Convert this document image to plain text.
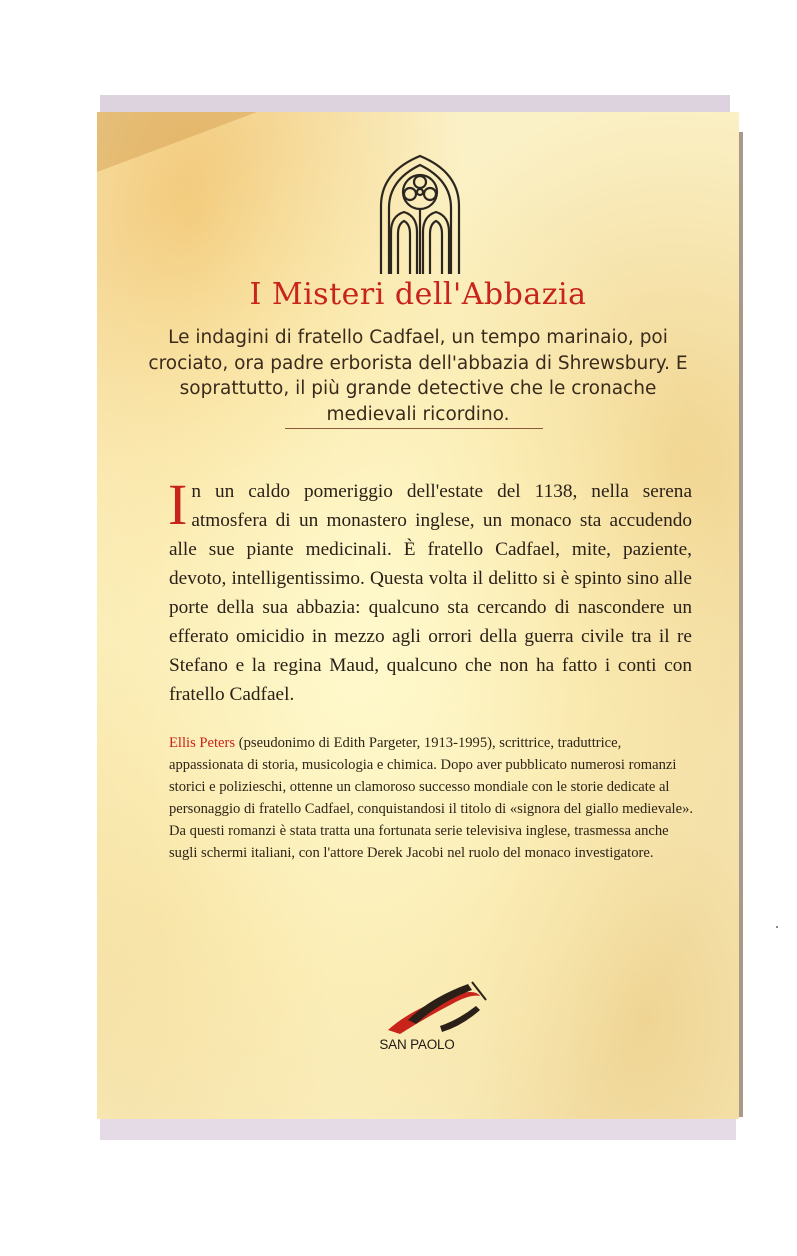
I Misteri dell'Abbazia
Le indagini di fratello Cadfael, un tempo marinaio, poi crociato, ora padre erborista dell'abbazia di Shrewsbury. E soprattutto, il più grande detective che le cronache medievali ricordino.
In un caldo pomeriggio dell'estate del 1138, nella serena atmosfera di un monastero inglese, un monaco sta accudendo alle sue piante medicinali. È fratello Cadfael, mite, paziente, devoto, intelligentissimo. Questa volta il delitto si è spinto sino alle porte della sua abbazia: qualcuno sta cercando di nascondere un efferato omicidio in mezzo agli orrori della guerra civile tra il re Stefano e la regina Maud, qualcuno che non ha fatto i conti con fratello Cadfael.
Ellis Peters (pseudonimo di Edith Pargeter, 1913-1995), scrittrice, traduttrice, appassionata di storia, musicologia e chimica. Dopo aver pubblicato numerosi romanzi storici e polizieschi, ottenne un clamoroso successo mondiale con le storie dedicate al personaggio di fratello Cadfael, conquistandosi il titolo di «signora del giallo medievale». Da questi romanzi è stata tratta una fortunata serie televisiva inglese, trasmessa anche sugli schermi italiani, con l'attore Derek Jacobi nel ruolo del monaco investigatore.
SAN PAOLO
